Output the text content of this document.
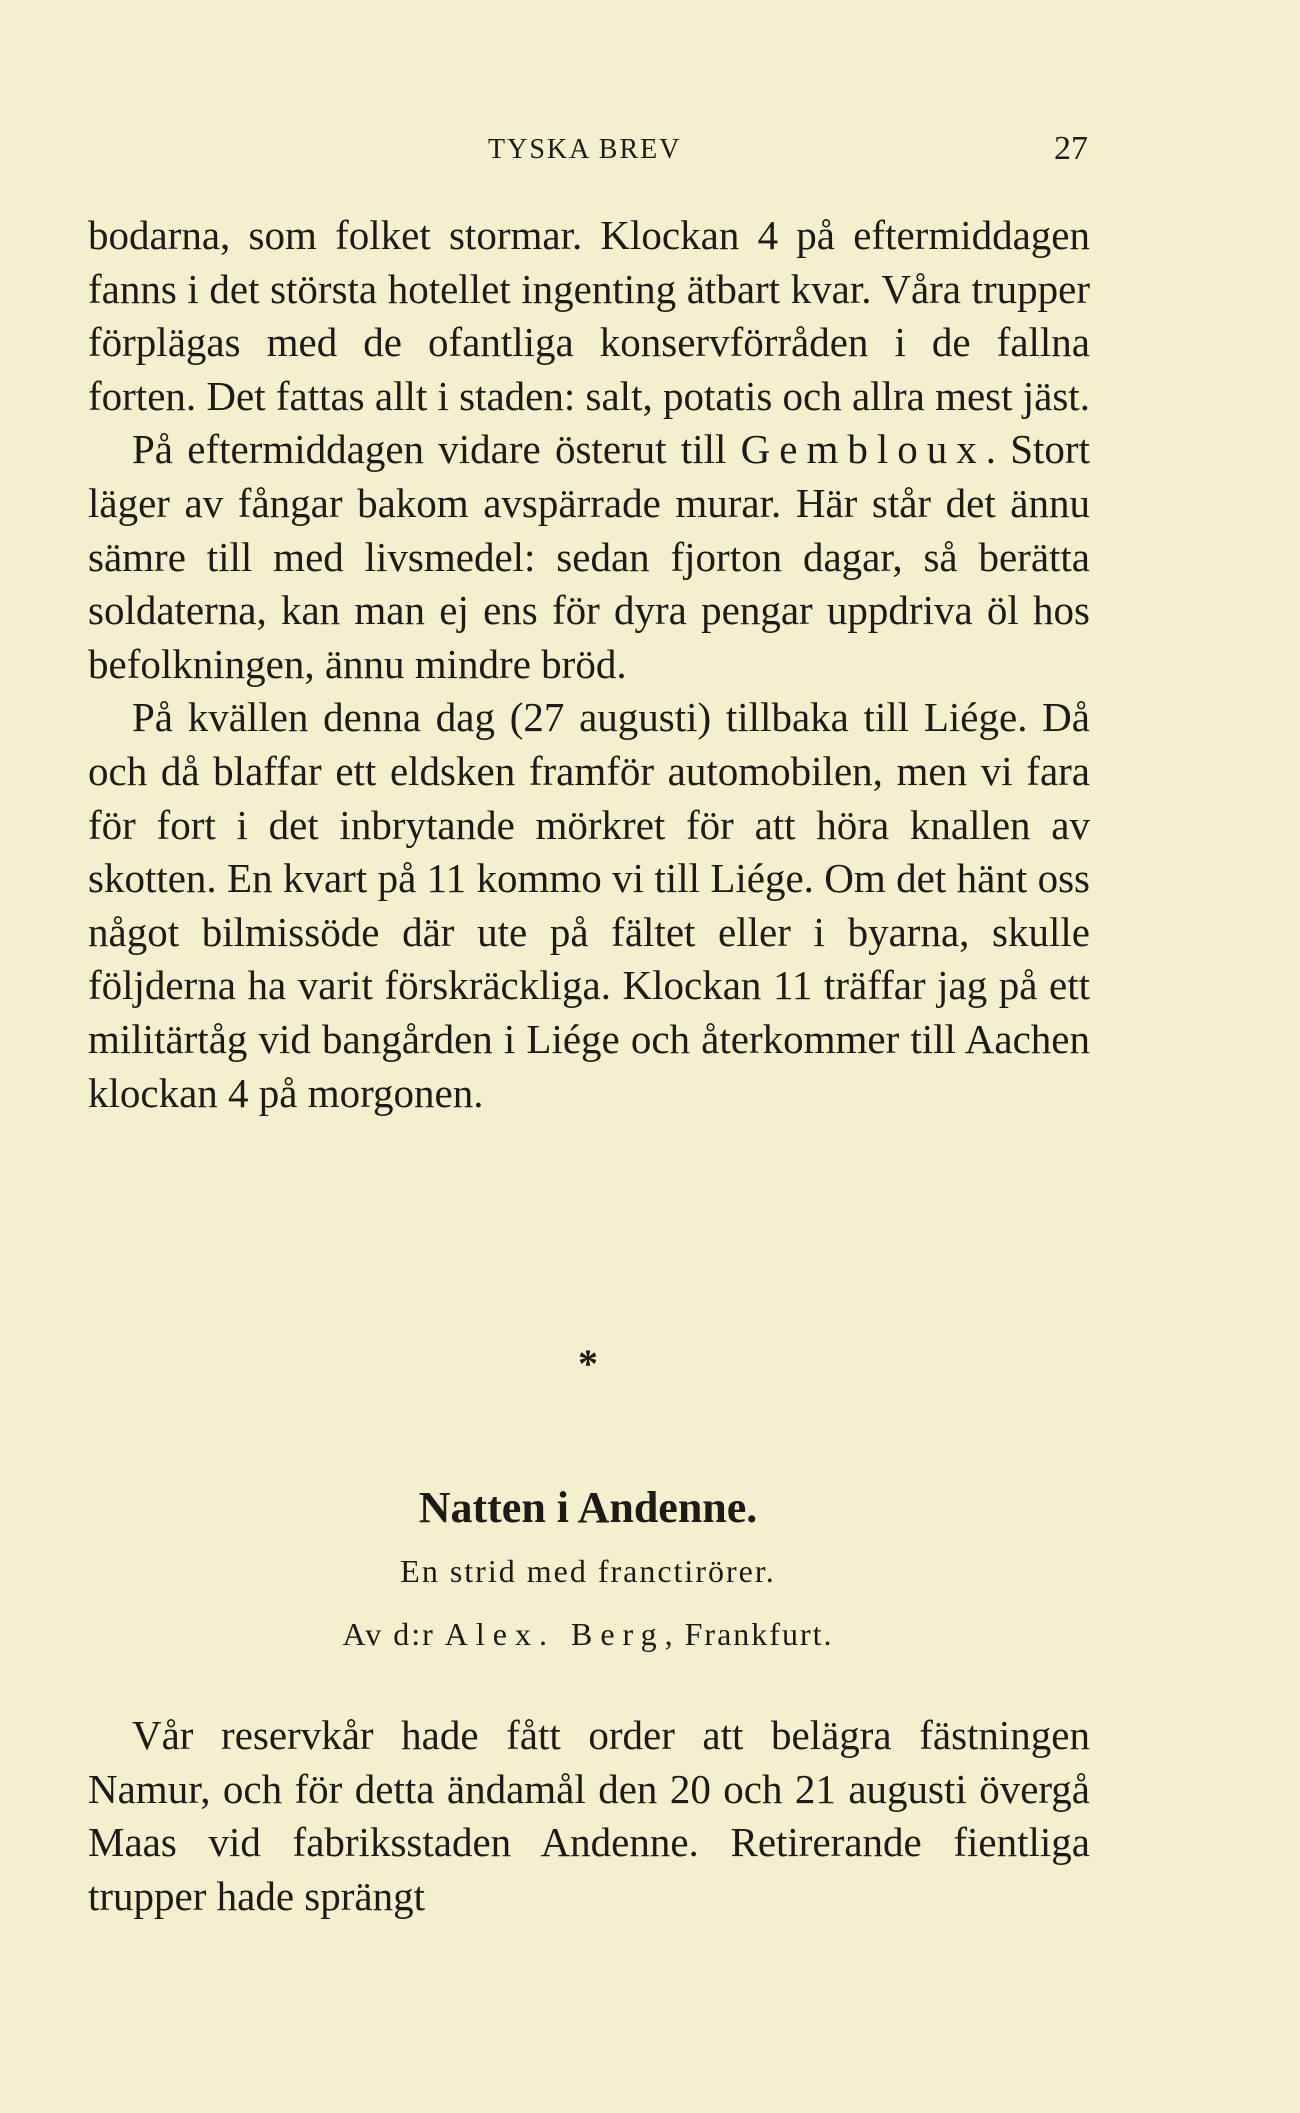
TYSKA BREV	27

bodarna, som folket stormar. Klockan 4 på eftermiddagen fanns i det största hotellet ingenting ätbart kvar. Våra trupper förplägas med de ofantliga konservförråden i de fallna forten. Det fattas allt i staden: salt, potatis och allra mest jäst.

På eftermiddagen vidare österut till Gembloux. Stort läger av fångar bakom avspärrade murar. Här står det ännu sämre till med livsmedel: sedan fjorton dagar, så berätta soldaterna, kan man ej ens för dyra pengar uppdriva öl hos befolkningen, ännu mindre bröd.

På kvällen denna dag (27 augusti) tillbaka till Liége. Då och då blaffar ett eldsken framför automobilen, men vi fara för fort i det inbrytande mörkret för att höra knallen av skotten. En kvart på 11 kommo vi till Liége. Om det hänt oss något bilmissöde där ute på fältet eller i byarna, skulle följderna ha varit förskräckliga. Klockan 11 träffar jag på ett militärtåg vid bangården i Liége och återkommer till Aachen klockan 4 på morgonen.

*
Natten i Andenne.
En strid med franctirörer.
Av d:r Alex. Berg, Frankfurt.

Vår reservkår hade fått order att belägra fästningen Namur, och för detta ändamål den 20 och 21 augusti övergå Maas vid fabriksstaden Andenne. Retirerande fientliga trupper hade sprängt
